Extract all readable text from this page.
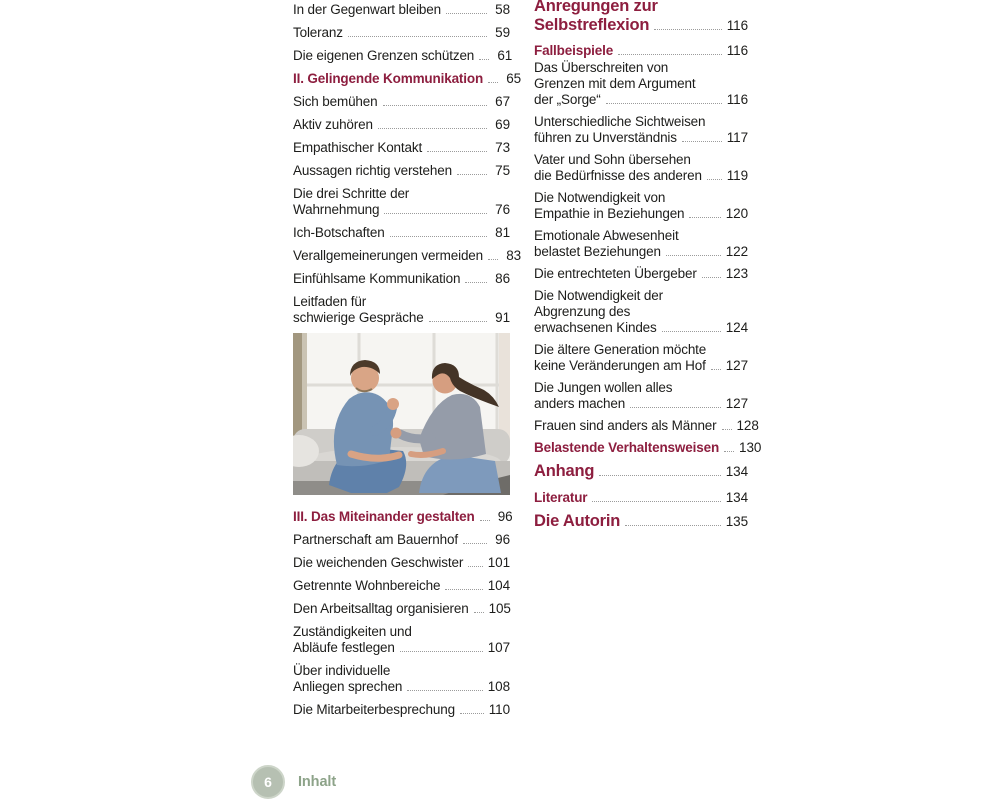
In der Gegenwart bleiben	58
Toleranz	59
Die eigenen Grenzen schützen 61
II. Gelingende Kommunikation 65
Sich bemühen	67
Aktiv zuhören	69
Empathischer Kontakt	73
Aussagen richtig verstehen	75
Die drei Schritte der
Wahrnehmung	76
Ich-Botschaften	81
Verallgemeinerungen vermeiden 83
Einfühlsame Kommunikation	86
Leitfaden für
schwierige Gespräche	91
III. Das Miteinander gestalten 96
Partnerschaft am Bauernhof	96
Die weichenden Geschwister 101
Getrennte Wohnbereiche	104
Den Arbeitsalltag organisieren 105
Zuständigkeiten und
Abläufe festlegen	107
Über individuelle
Anliegen sprechen	108
Die Mitarbeiterbesprechung	110
Anregungen zur
Selbstreflexion	116
Fallbeispiele	116
Das Überschreiten von
Grenzen mit dem Argument
der „Sorge“	116
Unterschiedliche Sichtweisen
führen zu Unverständnis	117
Vater und Sohn übersehen
die Bedürfnisse des anderen 119
Die Notwendigkeit von
Empathie in Beziehungen	120
Emotionale Abwesenheit
belastet Beziehungen	122
Die entrechteten Übergeber 123
Die Notwendigkeit der
Abgrenzung des
erwachsenen Kindes	124
Die ältere Generation möchte
keine Veränderungen am Hof 127
Die Jungen wollen alles
anders machen	127
Frauen sind anders als Männer 128
Belastende Verhaltensweisen 130
Anhang	134
Literatur	134
Die Autorin	135
6 Inhalt
